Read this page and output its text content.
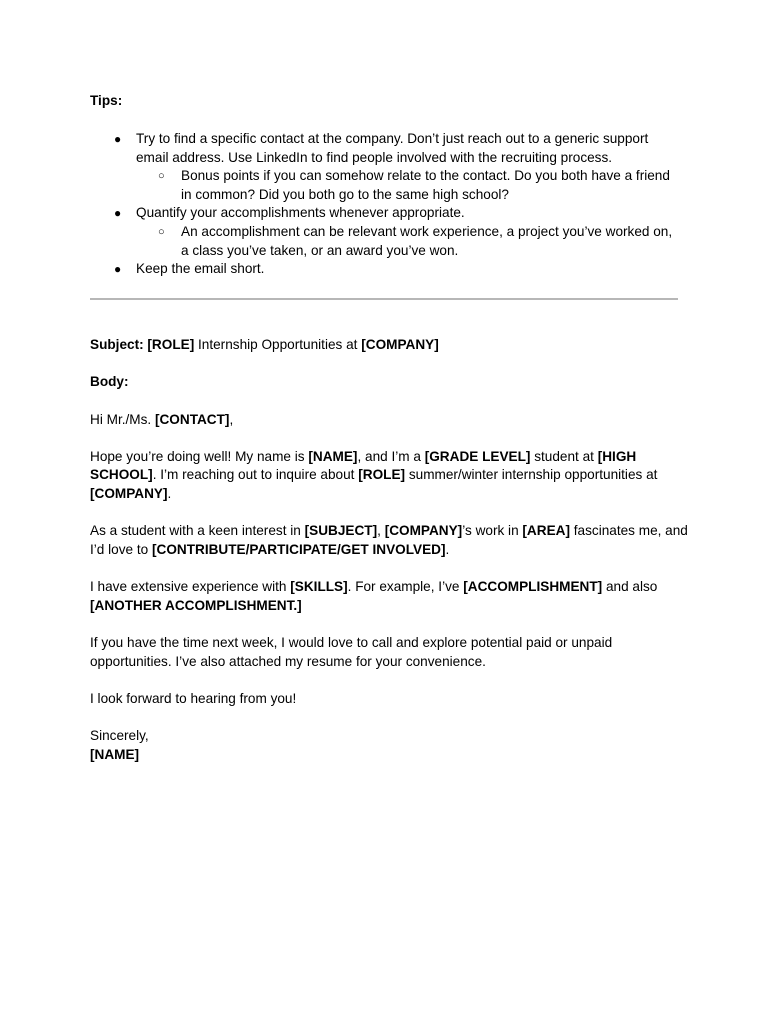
Tips:
● Try to find a specific contact at the company. Don’t just reach out to a generic support email address. Use LinkedIn to find people involved with the recruiting process.
○ Bonus points if you can somehow relate to the contact. Do you both have a friend in common? Did you both go to the same high school?
● Quantify your accomplishments whenever appropriate.
○ An accomplishment can be relevant work experience, a project you’ve worked on, a class you’ve taken, or an award you’ve won.
● Keep the email short.

Subject: [ROLE] Internship Opportunities at [COMPANY]

Body:

Hi Mr./Ms. [CONTACT],

Hope you’re doing well! My name is [NAME], and I’m a [GRADE LEVEL] student at [HIGH SCHOOL]. I’m reaching out to inquire about [ROLE] summer/winter internship opportunities at [COMPANY].

As a student with a keen interest in [SUBJECT], [COMPANY]’s work in [AREA] fascinates me, and I’d love to [CONTRIBUTE/PARTICIPATE/GET INVOLVED].

I have extensive experience with [SKILLS]. For example, I’ve [ACCOMPLISHMENT] and also [ANOTHER ACCOMPLISHMENT.]

If you have the time next week, I would love to call and explore potential paid or unpaid opportunities. I’ve also attached my resume for your convenience.

I look forward to hearing from you!

Sincerely,
[NAME]
